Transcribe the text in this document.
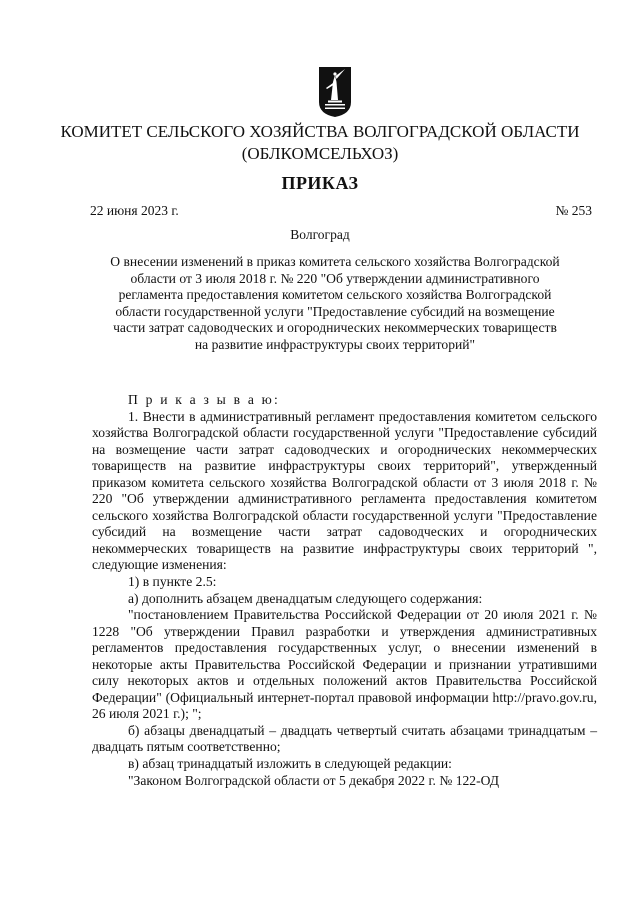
КОМИТЕТ СЕЛЬСКОГО ХОЗЯЙСТВА ВОЛГОГРАДСКОЙ ОБЛАСТИ
(ОБЛКОМСЕЛЬХОЗ)
ПРИКАЗ
22 июня 2023 г.	№ 253
Волгоград
О внесении изменений в приказ комитета сельского хозяйства Волгоградской области от 3 июля 2018 г. № 220 "Об утверждении административного регламента предоставления комитетом сельского хозяйства Волгоградской области государственной услуги "Предоставление субсидий на возмещение части затрат садоводческих и огороднических некоммерческих товариществ на развитие инфраструктуры своих территорий"

П р и к а з ы в а ю:

1. Внести в административный регламент предоставления комитетом сельского хозяйства Волгоградской области государственной услуги "Предоставление субсидий на возмещение части затрат садоводческих и огороднических некоммерческих товариществ на развитие инфраструктуры своих территорий", утвержденный приказом комитета сельского хозяйства Волгоградской области от 3 июля 2018 г. № 220 "Об утверждении административного регламента предоставления комитетом сельского хозяйства Волгоградской области государственной услуги "Предоставление субсидий на возмещение части затрат садоводческих и огороднических некоммерческих товариществ на развитие инфраструктуры своих территорий ", следующие изменения:

1) в пункте 2.5:

а) дополнить абзацем двенадцатым следующего содержания:

"постановлением Правительства Российской Федерации от 20 июля 2021 г. № 1228 "Об утверждении Правил разработки и утверждения административных регламентов предоставления государственных услуг, о внесении изменений в некоторые акты Правительства Российской Федерации и признании утратившими силу некоторых актов и отдельных положений актов Правительства Российской Федерации" (Официальный интернет-портал правовой информации http://pravo.gov.ru, 26 июля 2021 г.); ";

б) абзацы двенадцатый – двадцать четвертый считать абзацами тринадцатым – двадцать пятым соответственно;

в) абзац тринадцатый изложить в следующей редакции:

"Законом Волгоградской области от 5 декабря 2022 г. № 122-ОД
